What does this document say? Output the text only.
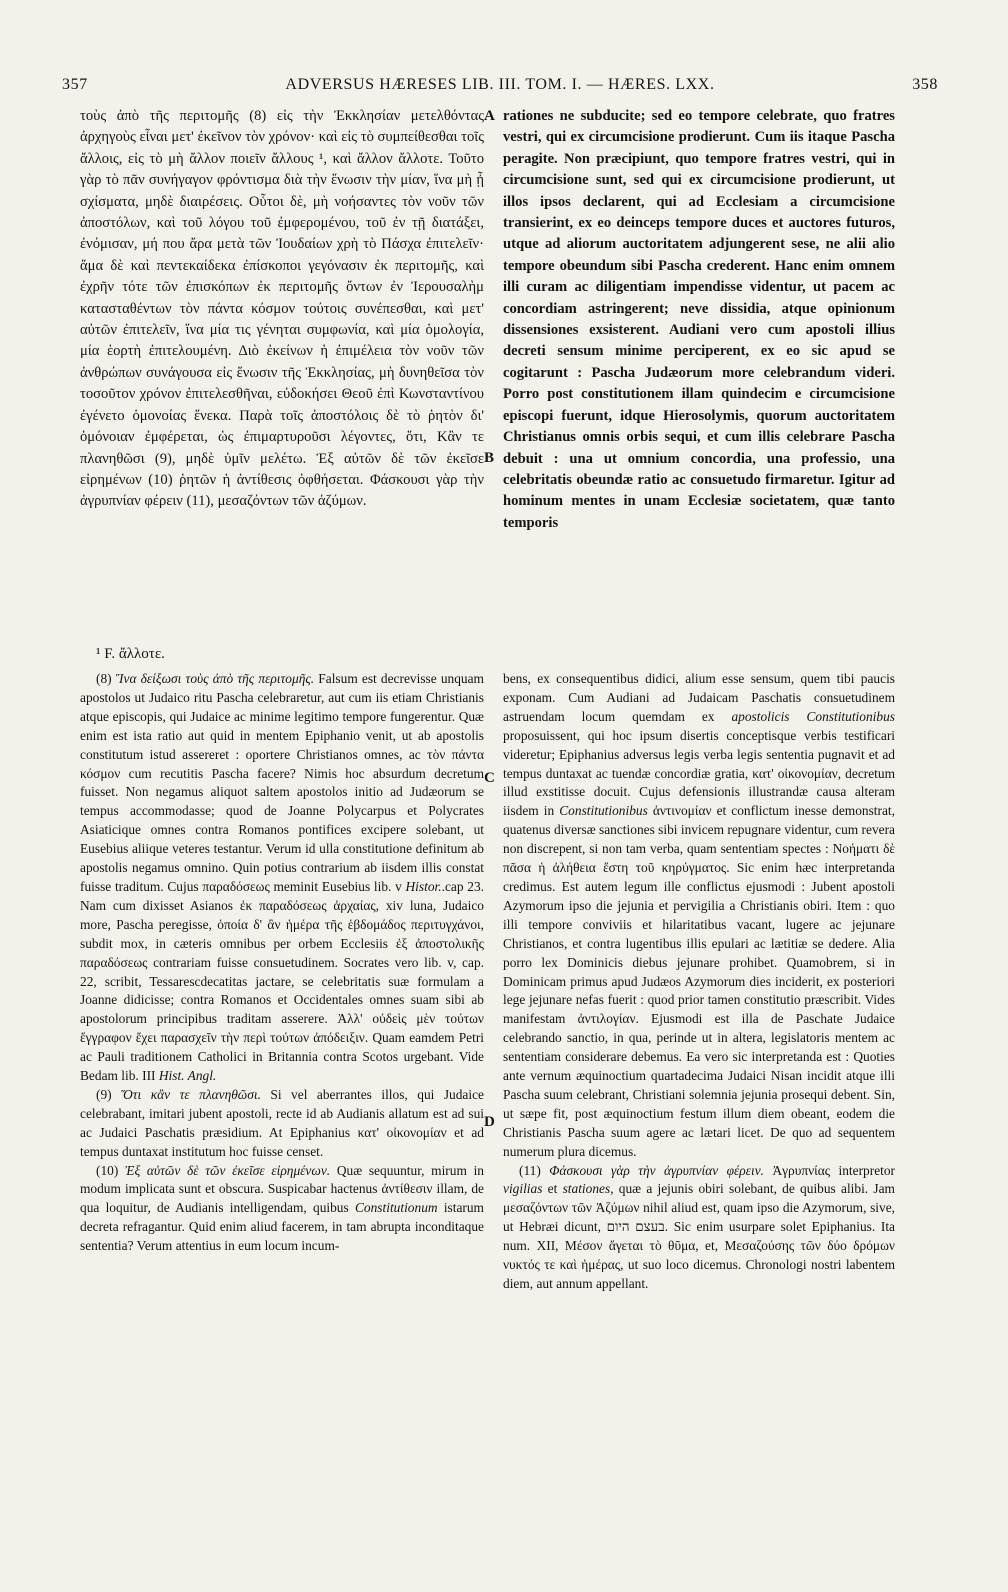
357	ADVERSUS HÆRESES LIB. III. TOM. I. — HÆRES. LXX.	358
A
B
C
D

τοὺς ἀπὸ τῆς περιτομῆς (8) εἰς τὴν Ἐκκλησίαν μετελθόντας ἀρχηγοὺς εἶναι μετ' ἐκεῖνον τὸν χρόνον· καὶ εἰς τὸ συμπείθεσθαι τοῖς ἄλλοις, εἰς τὸ μὴ ἄλλον ποιεῖν ἄλλους ¹, καὶ ἄλλον ἄλλοτε. Τοῦτο γὰρ τὸ πᾶν συνήγαγον φρόντισμα διὰ τὴν ἕνωσιν τὴν μίαν, ἵνα μὴ ᾖ σχίσματα, μηδὲ διαιρέσεις. Οὗτοι δὲ, μὴ νοήσαντες τὸν νοῦν τῶν ἀποστόλων, καὶ τοῦ λόγου τοῦ ἐμφερομένου, τοῦ ἐν τῇ διατάξει, ἐνόμισαν, μή που ἄρα μετὰ τῶν Ἰουδαίων χρὴ τὸ Πάσχα ἐπιτελεῖν· ἅμα δὲ καὶ πεντεκαίδεκα ἐπίσκοποι γεγόνασιν ἐκ περιτομῆς, καὶ ἐχρῆν τότε τῶν ἐπισκόπων ἐκ περιτομῆς ὄντων ἐν Ἰερουσαλὴμ κατασταθέντων τὸν πάντα κόσμον τούτοις συνέπεσθαι, καὶ μετ' αὐτῶν ἐπιτελεῖν, ἵνα μία τις γένηται συμφωνία, καὶ μία ὁμολογία, μία ἑορτὴ ἐπιτελουμένη. Διὸ ἐκείνων ἡ ἐπιμέλεια τὸν νοῦν τῶν ἀνθρώπων συνάγουσα εἰς ἕνωσιν τῆς Ἐκκλησίας, μὴ δυνηθεῖσα τὸν τοσοῦτον χρόνον ἐπιτελεσθῆναι, εὐδοκήσει Θεοῦ ἐπὶ Κωνσταντίνου ἐγένετο ὁμονοίας ἕνεκα. Παρὰ τοῖς ἀποστόλοις δὲ τὸ ῥητὸν δι' ὁμόνοιαν ἐμφέρεται, ὡς ἐπιμαρτυροῦσι λέγοντες, ὅτι, Κἂν τε πλανηθῶσι (9), μηδὲ ὑμῖν μελέτω. Ἐξ αὐτῶν δὲ τῶν ἐκεῖσε εἰρημένων (10) ῥητῶν ἡ ἀντίθεσις ὀφθήσεται. Φάσκουσι γὰρ τὴν ἀγρυπνίαν φέρειν (11), μεσαζόντων τῶν ἀζύμων.

rationes ne subducite; sed eo tempore celebrate, quo fratres vestri, qui ex circumcisione prodierunt. Cum iis itaque Pascha peragite. Non præcipiunt, quo tempore fratres vestri, qui in circumcisione sunt, sed qui ex circumcisione prodierunt, ut illos ipsos declarent, qui ad Ecclesiam a circumcisione transierint, ex eo deinceps tempore duces et auctores futuros, utque ad aliorum auctoritatem adjungerent sese, ne alii alio tempore obeundum sibi Pascha crederent. Hanc enim omnem illi curam ac diligentiam impendisse videntur, ut pacem ac concordiam astringerent; neve dissidia, atque opinionum dissensiones exsisterent. Audiani vero cum apostoli illius decreti sensum minime perciperent, ex eo sic apud se cogitarunt : Pascha Judæorum more celebrandum videri. Porro post constitutionem illam quindecim e circumcisione episcopi fuerunt, idque Hierosolymis, quorum auctoritatem Christianus omnis orbis sequi, et cum illis celebrare Pascha debuit : una ut omnium concordia, una professio, una celebritatis obeundæ ratio ac consuetudo firmaretur. Igitur ad hominum mentes in unam Ecclesiæ societatem, quæ tanto temporis

¹ F. ἄλλοτε.

(8) Ἵνα δείξωσι τοὺς ἀπὸ τῆς περιτομῆς. Falsum est decrevisse unquam apostolos ut Judaico ritu Pascha celebraretur, aut cum iis etiam Christianis atque episcopis, qui Judaice ac minime legitimo tempore fungerentur. Quæ enim est ista ratio aut quid in mentem Epiphanio venit, ut ab apostolis constitutum istud assereret : oportere Christianos omnes, ac τὸν πάντα κόσμον cum recutitis Pascha facere? Nimis hoc absurdum decretum fuisset. Non negamus aliquot saltem apostolos initio ad Judæorum se tempus accommodasse; quod de Joanne Polycarpus et Polycrates Asiaticique omnes contra Romanos pontifices excipere solebant, ut Eusebius aliique veteres testantur. Verum id ulla constitutione definitum ab apostolis negamus omnino. Quin potius contrarium ab iisdem illis constat fuisse traditum. Cujus παραδόσεως meminit Eusebius lib. v Histor..cap 23. Nam cum dixisset Asianos ἐκ παραδόσεως ἀρχαίας, xiv luna, Judaico more, Pascha peregisse, ὁποία δ' ἂν ἡμέρα τῆς ἑβδομάδος περιτυγχάνοι, subdit mox, in cæteris omnibus per orbem Ecclesiis ἐξ ἀποστολικῆς παραδόσεως contrariam fuisse consuetudinem. Socrates vero lib. v, cap. 22, scribit, Tessarescdecatitas jactare, se celebritatis suæ formulam a Joanne didicisse; contra Romanos et Occidentales omnes suam sibi ab apostolorum principibus traditam asserere. Ἀλλ' οὐδεὶς μὲν τούτων ἔγγραφον ἔχει παρασχεῖν τὴν περὶ τούτων ἀπόδειξιν. Quam eamdem Petri ac Pauli traditionem Catholici in Britannia contra Scotos urgebant. Vide Bedam lib. III Hist. Angl.

(9) Ὅτι κἂν τε πλανηθῶσι. Si vel aberrantes illos, qui Judaice celebrabant, imitari jubent apostoli, recte id ab Audianis allatum est ad sui ac Judaici Paschatis præsidium. At Epiphanius κατ' οἰκονομίαν et ad tempus duntaxat institutum hoc fuisse censet.

(10) Ἐξ αὐτῶν δὲ τῶν ἐκεῖσε εἰρημένων. Quæ sequuntur, mirum in modum implicata sunt et obscura. Suspicabar hactenus ἀντίθεσιν illam, de qua loquitur, de Audianis intelligendam, quibus Constitutionum istarum decreta refragantur. Quid enim aliud facerem, in tam abrupta inconditaque sententia? Verum attentius in eum locum incum-

bens, ex consequentibus didici, alium esse sensum, quem tibi paucis exponam. Cum Audiani ad Judaicam Paschatis consuetudinem astruendam locum quemdam ex apostolicis Constitutionibus proposuissent, qui hoc ipsum disertis conceptisque verbis testificari videretur; Epiphanius adversus legis verba legis sententia pugnavit et ad tempus duntaxat ac tuendæ concordiæ gratia, κατ' οἰκονομίαν, decretum illud exstitisse docuit. Cujus defensionis illustrandæ causa alteram iisdem in Constitutionibus ἀντινομίαν et conflictum inesse demonstrat, quatenus diversæ sanctiones sibi invicem repugnare videntur, cum revera non discrepent, si non tam verba, quam sententiam spectes : Νοήματι δὲ πᾶσα ἡ ἀλήθεια ἔστη τοῦ κηρύγματος. Sic enim hæc interpretanda credimus. Est autem legum ille conflictus ejusmodi : Jubent apostoli Azymorum ipso die jejunia et pervigilia a Christianis obiri. Item : quo illi tempore conviviis et hilaritatibus vacant, lugere ac jejunare Christianos, et contra lugentibus illis epulari ac lætitiæ se dedere. Alia porro lex Dominicis diebus jejunare prohibet. Quamobrem, si in Dominicam primus apud Judæos Azymorum dies inciderit, ex posteriori lege jejunare nefas fuerit : quod prior tamen constitutio præscribit. Vides manifestam ἀντιλογίαν. Ejusmodi est illa de Paschate Judaice celebrando sanctio, in qua, perinde ut in altera, legislatoris mentem ac sententiam considerare debemus. Ea vero sic interpretanda est : Quoties ante vernum æquinoctium quartadecima Judaici Nisan incidit atque illi Pascha suum celebrant, Christiani solemnia jejunia prosequi debent. Sin, ut sæpe fit, post æquinoctium festum illum diem obeant, eodem die Christianis Pascha suum agere ac lætari licet. De quo ad sequentem numerum plura dicemus.

(11) Φάσκουσι γὰρ τὴν ἀγρυπνίαν φέρειν. Ἀγρυπνίας interpretor vigilias et stationes, quæ a jejunis obiri solebant, de quibus alibi. Jam μεσαζόντων τῶν Ἀζύμων nihil aliud est, quam ipso die Azymorum, sive, ut Hebræi dicunt, בעצם היום. Sic enim usurpare solet Epiphanius. Ita num. XII, Μέσον ἄγεται τὸ θῦμα, et, Μεσαζούσης τῶν δύο δρόμων νυκτός τε καὶ ἡμέρας, ut suo loco dicemus. Chronologi nostri labentem diem, aut annum appellant.
